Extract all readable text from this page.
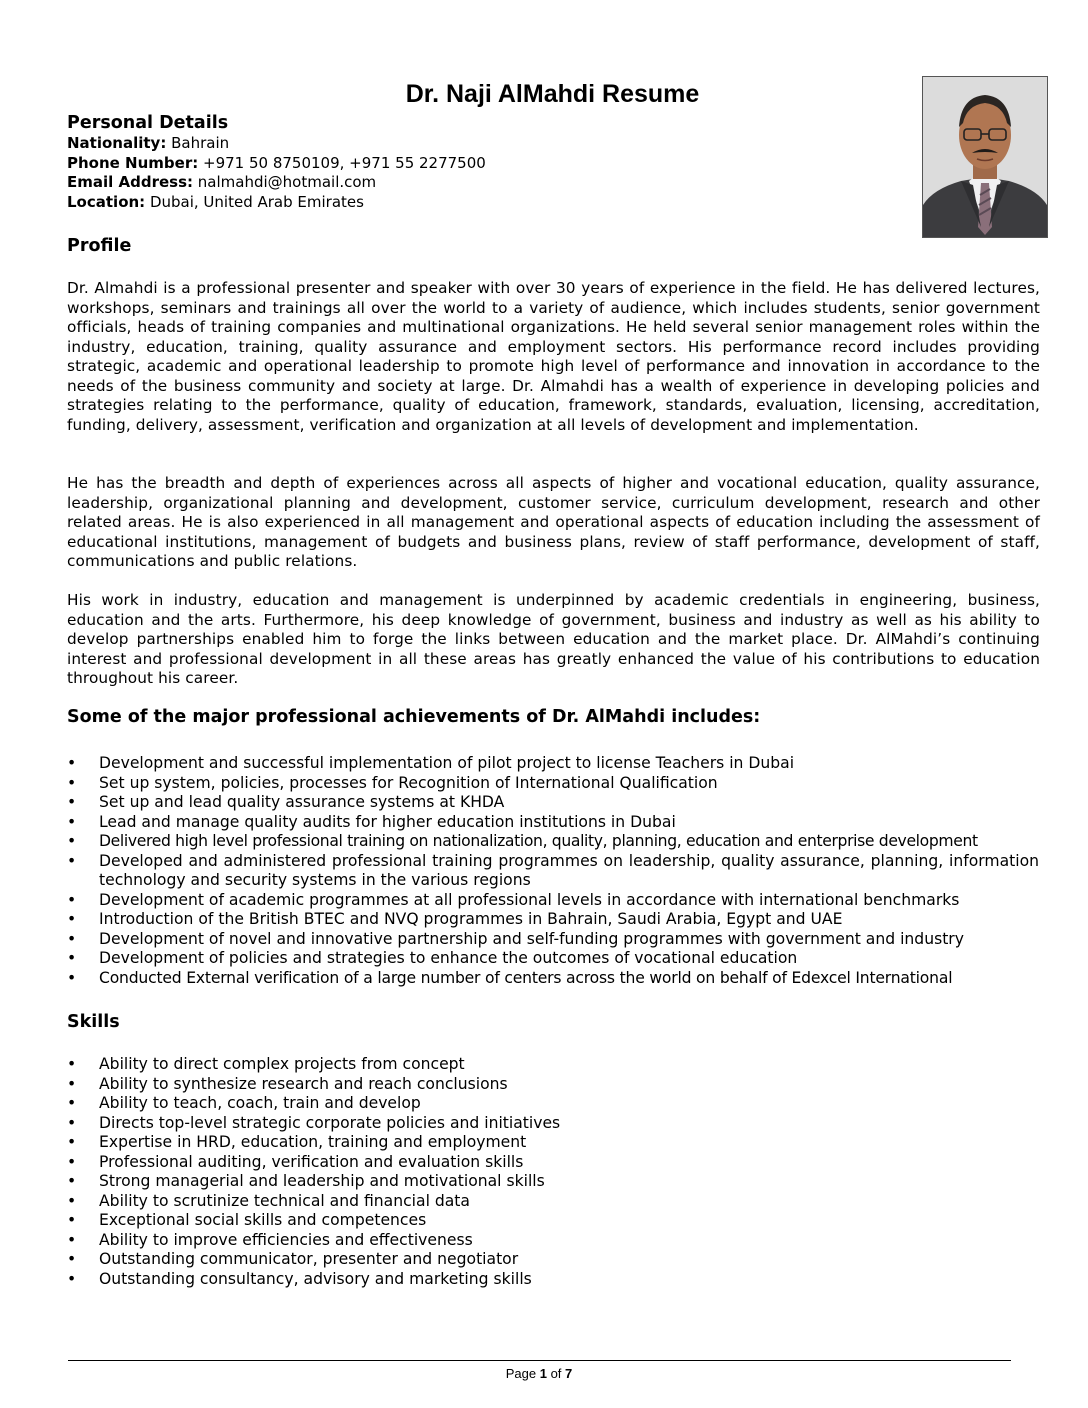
Dr. Naji AlMahdi Resume
Personal Details
Nationality: Bahrain
Phone Number: +971 50 8750109, +971 55 2277500
Email Address: nalmahdi@hotmail.com
Location: Dubai, United Arab Emirates
Profile

Dr. Almahdi is a professional presenter and speaker with over 30 years of experience in the field. He has delivered lectures, workshops, seminars and trainings all over the world to a variety of audience, which includes students, senior government officials, heads of training companies and multinational organizations. He held several senior management roles within the industry, education, training, quality assurance and employment sectors. His performance record includes providing strategic, academic and operational leadership to promote high level of performance and innovation in accordance to the needs of the business community and society at large. Dr. Almahdi has a wealth of experience in developing policies and strategies relating to the performance, quality of education, framework, standards, evaluation, licensing, accreditation, funding, delivery, assessment, verification and organization at all levels of development and implementation.

He has the breadth and depth of experiences across all aspects of higher and vocational education, quality assurance, leadership, organizational planning and development, customer service, curriculum development, research and other related areas. He is also experienced in all management and operational aspects of education including the assessment of educational institutions, management of budgets and business plans, review of staff performance, development of staff, communications and public relations.

His work in industry, education and management is underpinned by academic credentials in engineering, business, education and the arts. Furthermore, his deep knowledge of government, business and industry as well as his ability to develop partnerships enabled him to forge the links between education and the market place. Dr. AlMahdi’s continuing interest and professional development in all these areas has greatly enhanced the value of his contributions to education throughout his career.

Some of the major professional achievements of Dr. AlMahdi includes:
• Development and successful implementation of pilot project to license Teachers in Dubai
• Set up system, policies, processes for Recognition of International Qualification
• Set up and lead quality assurance systems at KHDA
• Lead and manage quality audits for higher education institutions in Dubai
• Delivered high level professional training on nationalization, quality, planning, education and enterprise development
• Developed and administered professional training programmes on leadership, quality assurance, planning, information technology and security systems in the various regions
• Development of academic programmes at all professional levels in accordance with international benchmarks
• Introduction of the British BTEC and NVQ programmes in Bahrain, Saudi Arabia, Egypt and UAE
• Development of novel and innovative partnership and self-funding programmes with government and industry
• Development of policies and strategies to enhance the outcomes of vocational education
• Conducted External verification of a large number of centers across the world on behalf of Edexcel International
Skills
• Ability to direct complex projects from concept
• Ability to synthesize research and reach conclusions
• Ability to teach, coach, train and develop
• Directs top-level strategic corporate policies and initiatives
• Expertise in HRD, education, training and employment
• Professional auditing, verification and evaluation skills
• Strong managerial and leadership and motivational skills
• Ability to scrutinize technical and financial data
• Exceptional social skills and competences
• Ability to improve efficiencies and effectiveness
• Outstanding communicator, presenter and negotiator
• Outstanding consultancy, advisory and marketing skills
Page 1 of 7
